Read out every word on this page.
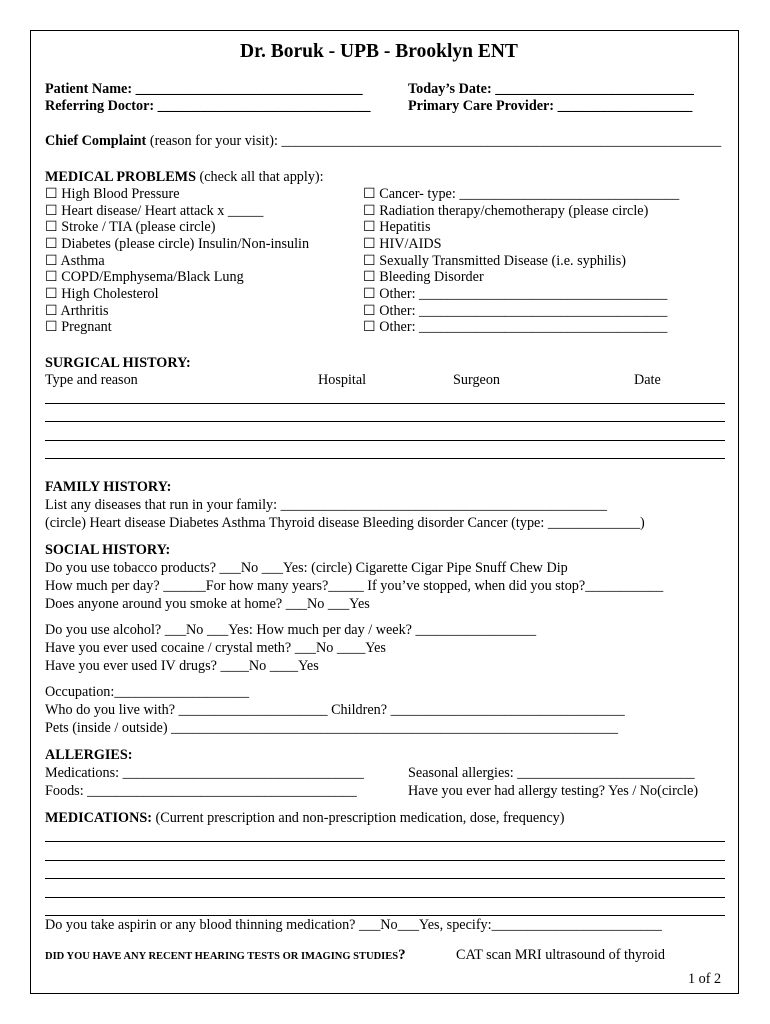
Dr. Boruk - UPB - Brooklyn ENT
Patient Name: ________________________________
Referring Doctor: ______________________________
Today’s Date: ____________________________
Primary Care Provider: ___________________
Chief Complaint (reason for your visit): ______________________________________________________________
MEDICAL PROBLEMS (check all that apply):
☐ High Blood Pressure
☐ Heart disease/ Heart attack x _____
☐ Stroke / TIA (please circle)
☐ Diabetes (please circle) Insulin/Non-insulin
☐ Asthma
☐ COPD/Emphysema/Black Lung
☐ High Cholesterol
☐ Arthritis
☐ Pregnant
☐ Cancer- type: _______________________________
☐ Radiation therapy/chemotherapy (please circle)
☐ Hepatitis
☐ HIV/AIDS
☐ Sexually Transmitted Disease (i.e. syphilis)
☐ Bleeding Disorder
☐ Other: ___________________________________
☐ Other: ___________________________________
☐ Other: ___________________________________
SURGICAL HISTORY:
Type and reason	Hospital	Surgeon	Date
FAMILY HISTORY:
List any diseases that run in your family: ______________________________________________
(circle) Heart disease Diabetes Asthma Thyroid disease Bleeding disorder Cancer (type: _____________)
SOCIAL HISTORY:
Do you use tobacco products? ___No ___Yes: (circle) Cigarette Cigar Pipe Snuff Chew Dip
How much per day? ______For how many years?_____ If you’ve stopped, when did you stop?___________
Does anyone around you smoke at home? ___No ___Yes
Do you use alcohol? ___No ___Yes: How much per day / week? _________________
Have you ever used cocaine / crystal meth? ___No ____Yes
Have you ever used IV drugs? ____No ____Yes
Occupation:___________________
Who do you live with? _____________________ Children? _________________________________
Pets (inside / outside) _______________________________________________________________
ALLERGIES:
Medications: __________________________________
Foods: ______________________________________
Seasonal allergies: _________________________
Have you ever had allergy testing? Yes / No(circle)
MEDICATIONS: (Current prescription and non-prescription medication, dose, frequency)
Do you take aspirin or any blood thinning medication? ___No___Yes, specify:________________________
DID YOU HAVE ANY RECENT HEARING TESTS OR IMAGING STUDIES?	CAT scan MRI ultrasound of thyroid
1 of 2
